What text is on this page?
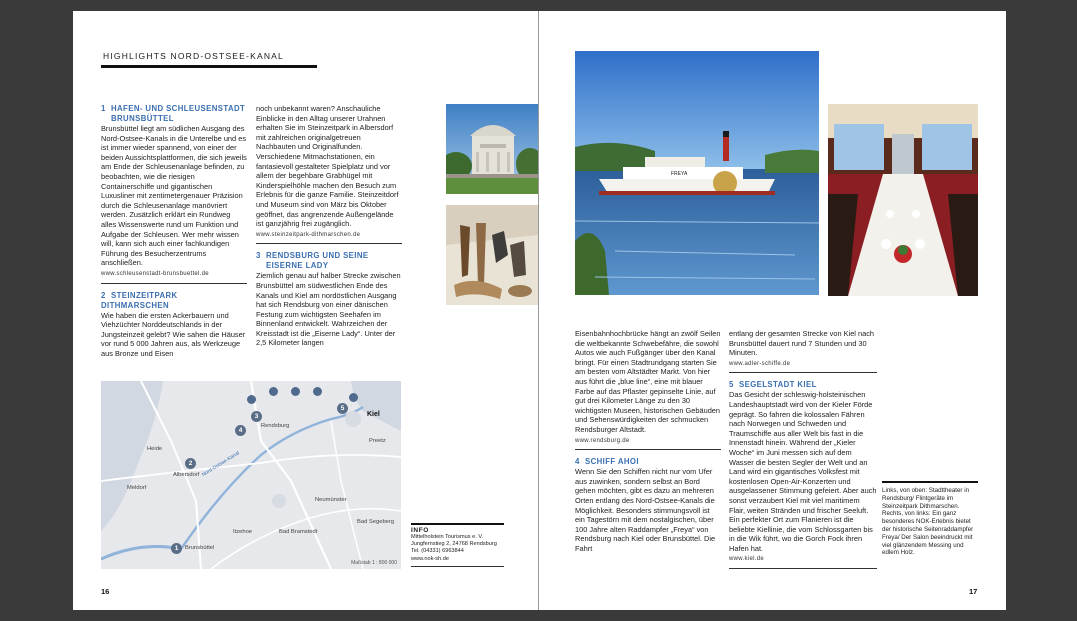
HIGHLIGHTS NORD-OSTSEE-KANAL
1 HAFEN- UND SCHLEUSENSTADT
BRUNSBÜTTEL

Brunsbüttel liegt am südlichen Ausgang des Nord-Ostsee-Kanals in die Unterelbe und es ist immer wieder spannend, von einer der beiden Aussichtsplattformen, die sich jeweils am Ende der Schleusenanlage befinden, zu beobachten, wie die riesigen Containerschiffe und gigantischen Luxusliner mit zentimetergenauer Präzision durch die Schleusenanlage manövriert werden. Zusätzlich erklärt ein Rundweg alles Wissenswerte rund um Funktion und Aufgabe der Schleusen. Wer mehr wissen will, kann sich auch einer fachkundigen Führung des Besucherzentrums anschließen.

www.schleusenstadt-brunsbuettel.de
2 STEINZEITPARK DITHMARSCHEN

Wie haben die ersten Ackerbauern und Viehzüchter Norddeutschlands in der Jungsteinzeit gelebt? Wie sahen die Häuser vor rund 5 000 Jahren aus, als Werkzeuge aus Bronze und Eisen

noch unbekannt waren? Anschauliche Einblicke in den Alltag unserer Urahnen erhalten Sie im Steinzeitpark in Albersdorf mit zahlreichen originalgetreuen Nachbauten und Originalfunden. Verschiedene Mitmachstationen, ein fantasievoll gestalteter Spielplatz und vor allem der begehbare Grabhügel mit Kinderspielhöhle machen den Besuch zum Erlebnis für die ganze Familie. Steinzeitdorf und Museum sind von März bis Oktober geöffnet, das angrenzende Außengelände ist ganzjährig frei zugänglich.

www.steinzeitpark-dithmarschen.de
3 RENDSBURG UND SEINE
EISERNE LADY

Ziemlich genau auf halber Strecke zwischen Brunsbüttel am südwestlichen Ende des Kanals und Kiel am nordöstlichen Ausgang hat sich Rendsburg von einer dänischen Festung zum wichtigsten Seehafen im Binnenland entwickelt. Wahrzeichen der Kreisstadt ist die „Eiserne Lady“. Unter der 2,5 Kilometer langen

Nord-Ostsee-Kanal
Kiel
Rendsburg
Heide
Albersdorf
Meldorf
Brunsbüttel
Itzehoe	Bad Bramstedt
Neumünster
Bad Segeberg
Preetz
1
2
3
4
5
Maßstab 1 : 800 000
INFO
Mittelholstein Tourismus e. V.
Jungfernstieg 2, 24768 Rendsburg
Tel. (04331) 6963844
www.nok-sh.de
16
FREYA

Eisenbahnhochbrücke hängt an zwölf Seilen die weltbekannte Schwebefähre, die sowohl Autos wie auch Fußgänger über den Kanal bringt. Für einen Stadtrundgang starten Sie am besten vom Altstädter Markt. Von hier aus führt die „blue line“, eine mit blauer Farbe auf das Pflaster gepinselte Linie, auf gut drei Kilometer Länge zu den 30 wichtigsten Museen, historischen Gebäuden und Sehenswürdigkeiten der schmucken Rendsburger Altstadt.

www.rendsburg.de
4 SCHIFF AHOI

Wenn Sie den Schiffen nicht nur vom Ufer aus zuwinken, sondern selbst an Bord gehen möchten, gibt es dazu an mehreren Orten entlang des Nord-Ostsee-Kanals die Möglichkeit. Besonders stimmungsvoll ist ein Tagestörn mit dem nostalgischen, über 100 Jahre alten Raddampfer „Freya“ von Rendsburg nach Kiel oder Brunsbüttel. Die Fahrt

entlang der gesamten Strecke von Kiel nach Brunsbüttel dauert rund 7 Stunden und 30 Minuten.

www.adler-schiffe.de
5 SEGELSTADT KIEL

Das Gesicht der schleswig-holsteinischen Landeshauptstadt wird von der Kieler Förde geprägt. So fahren die kolossalen Fähren nach Norwegen und Schweden und Traumschiffe aus aller Welt bis fast in die Innenstadt hinein. Während der „Kieler Woche“ im Juni messen sich auf dem Wasser die besten Segler der Welt und an Land wird ein gigantisches Volksfest mit kostenlosen Open-Air-Konzerten und ausgelassener Stimmung gefeiert. Aber auch sonst verzaubert Kiel mit viel maritimem Flair, weiten Stränden und frischer Seeluft. Ein perfekter Ort zum Flanieren ist die beliebte Kiellinie, die vom Schlossgarten bis in die Wik führt, wo die Gorch Fock ihren Hafen hat.

www.kiel.de
Links, von oben: Stadttheater in Rendsburg/ Flintgeräte im Steinzeitpark Dithmarschen. Rechts, von links: Ein ganz besonderes NOK-Erlebnis bietet der historische Seitenraddampfer Freya/ Der Salon beeindruckt mit viel glänzendem Messing und edlem Holz.
17
